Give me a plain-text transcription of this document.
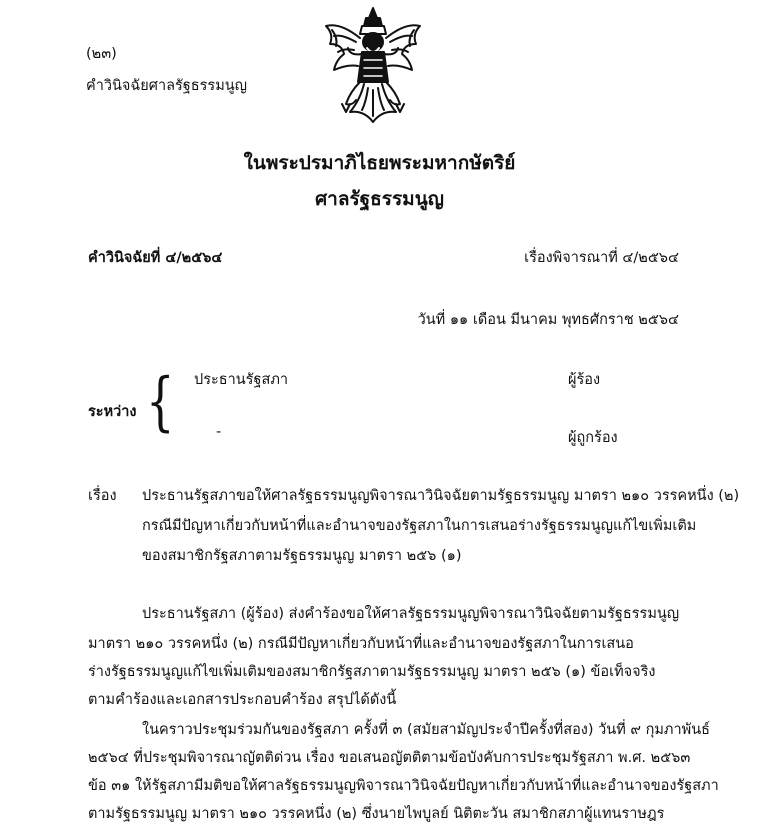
(๒๓)
คำวินิจฉัยศาลรัฐธรรมนูญ
ในพระปรมาภิไธยพระมหากษัตริย์
ศาลรัฐธรรมนูญ
คำวินิจฉัยที่ ๔/๒๕๖๔	เรื่องพิจารณาที่ ๔/๒๕๖๔
วันที่ ๑๑ เดือน มีนาคม พุทธศักราช ๒๕๖๔
ระหว่าง { ประธานรัฐสภา	ผู้ร้อง
-	ผู้ถูกร้อง
เรื่อง ประธานรัฐสภาขอให้ศาลรัฐธรรมนูญพิจารณาวินิจฉัยตามรัฐธรรมนูญ มาตรา ๒๑๐ วรรคหนึ่ง (๒)
กรณีมีปัญหาเกี่ยวกับหน้าที่และอำนาจของรัฐสภาในการเสนอร่างรัฐธรรมนูญแก้ไขเพิ่มเติม
ของสมาชิกรัฐสภาตามรัฐธรรมนูญ มาตรา ๒๕๖ (๑)
ประธานรัฐสภา (ผู้ร้อง) ส่งคำร้องขอให้ศาลรัฐธรรมนูญพิจารณาวินิจฉัยตามรัฐธรรมนูญ
มาตรา ๒๑๐ วรรคหนึ่ง (๒) กรณีมีปัญหาเกี่ยวกับหน้าที่และอำนาจของรัฐสภาในการเสนอ
ร่างรัฐธรรมนูญแก้ไขเพิ่มเติมของสมาชิกรัฐสภาตามรัฐธรรมนูญ มาตรา ๒๕๖ (๑) ข้อเท็จจริง
ตามคำร้องและเอกสารประกอบคำร้อง สรุปได้ดังนี้
ในคราวประชุมร่วมกันของรัฐสภา ครั้งที่ ๓ (สมัยสามัญประจำปีครั้งที่สอง) วันที่ ๙ กุมภาพันธ์
๒๕๖๔ ที่ประชุมพิจารณาญัตติด่วน เรื่อง ขอเสนอญัตติตามข้อบังคับการประชุมรัฐสภา พ.ศ. ๒๕๖๓
ข้อ ๓๑ ให้รัฐสภามีมติขอให้ศาลรัฐธรรมนูญพิจารณาวินิจฉัยปัญหาเกี่ยวกับหน้าที่และอำนาจของรัฐสภา
ตามรัฐธรรมนูญ มาตรา ๒๑๐ วรรคหนึ่ง (๒) ซึ่งนายไพบูลย์ นิติตะวัน สมาชิกสภาผู้แทนราษฎร
